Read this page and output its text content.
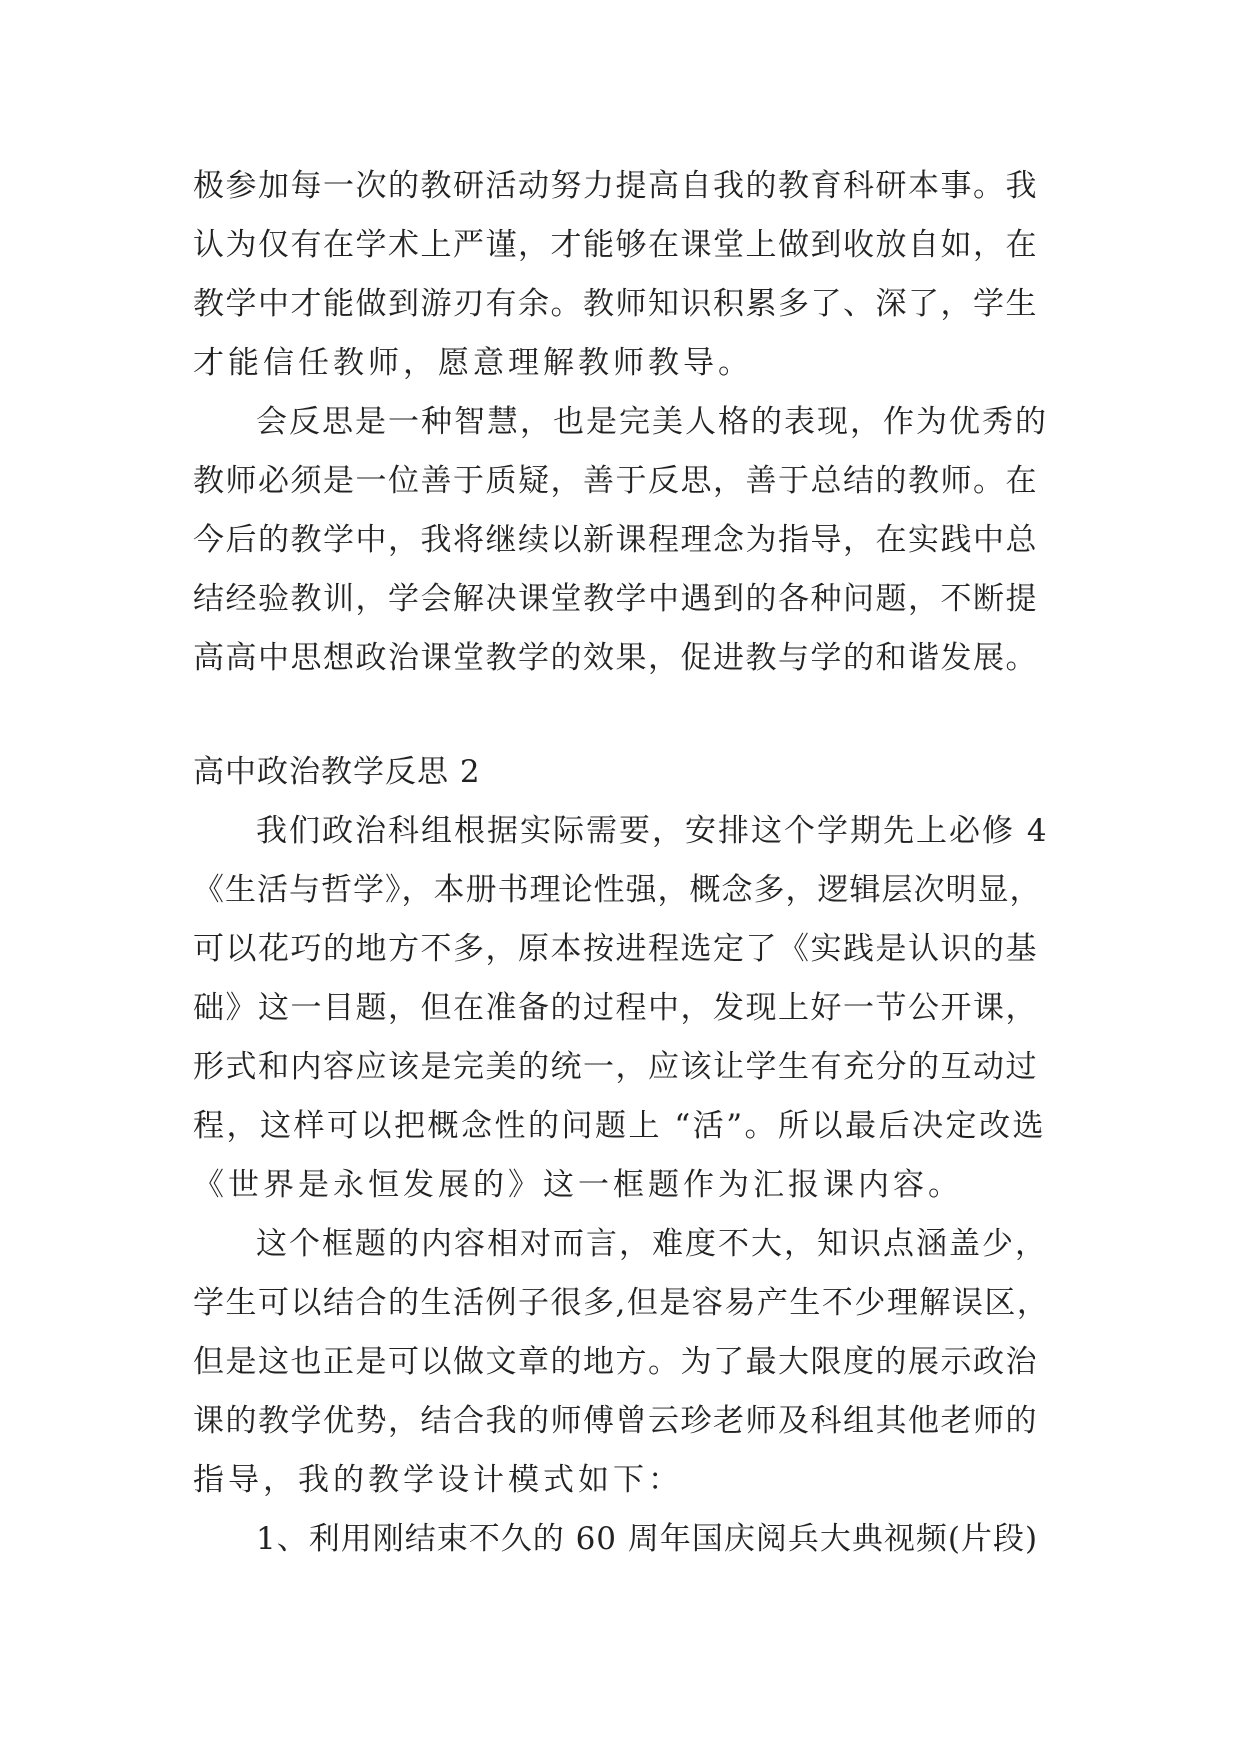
极参加每一次的教研活动努力提高自我的教育科研本事。我
认为仅有在学术上严谨，才能够在课堂上做到收放自如，在
教学中才能做到游刃有余。教师知识积累多了、深了，学生
才能信任教师，愿意理解教师教导。
会反思是一种智慧，也是完美人格的表现，作为优秀的
教师必须是一位善于质疑，善于反思，善于总结的教师。在
今后的教学中，我将继续以新课程理念为指导，在实践中总
结经验教训，学会解决课堂教学中遇到的各种问题，不断提
高高中思想政治课堂教学的效果，促进教与学的和谐发展。
高中政治教学反思 2
我们政治科组根据实际需要，安排这个学期先上必修 4
《生活与哲学》，本册书理论性强，概念多，逻辑层次明显，
可以花巧的地方不多，原本按进程选定了《实践是认识的基
础》这一目题，但在准备的过程中，发现上好一节公开课，
形式和内容应该是完美的统一，应该让学生有充分的互动过
程，这样可以把概念性的问题上 “活”。所以最后决定改选
《世界是永恒发展的》这一框题作为汇报课内容。
这个框题的内容相对而言，难度不大，知识点涵盖少，
学生可以结合的生活例子很多,但是容易产生不少理解误区，
但是这也正是可以做文章的地方。为了最大限度的展示政治
课的教学优势，结合我的师傅曾云珍老师及科组其他老师的
指导，我的教学设计模式如下：
1、利用刚结束不久的 60 周年国庆阅兵大典视频(片段)
